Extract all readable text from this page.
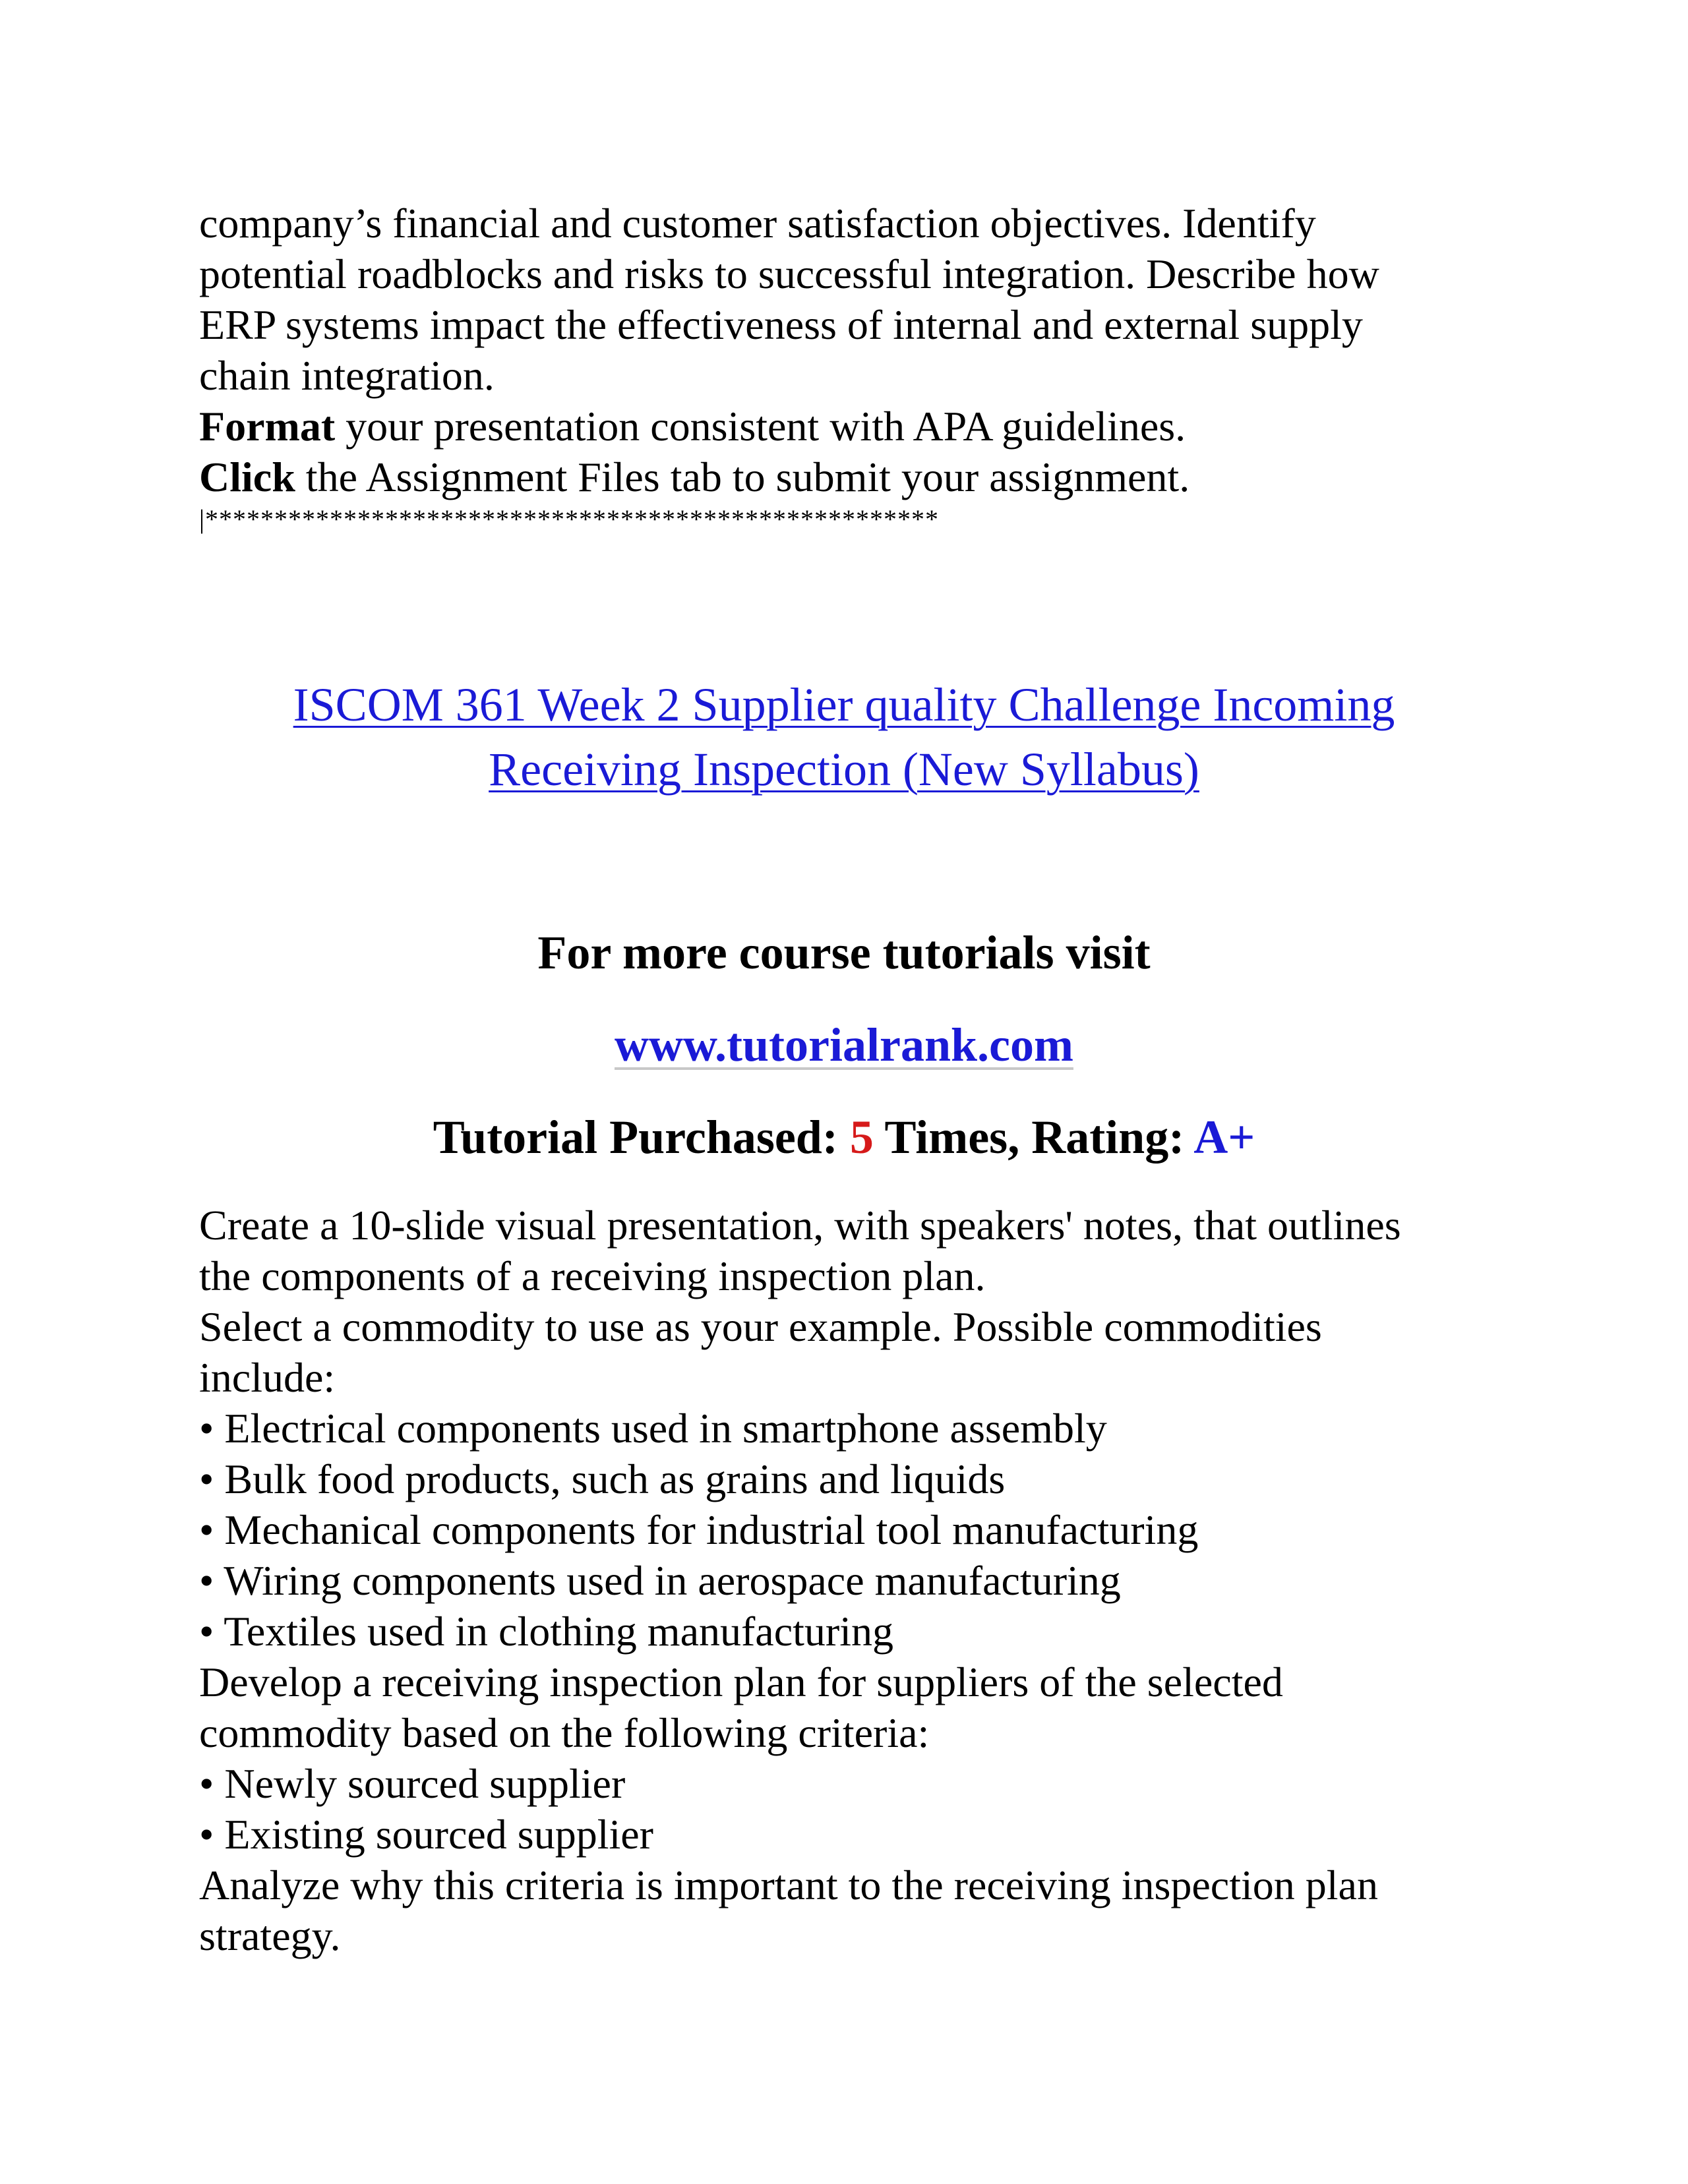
company’s financial and customer satisfaction objectives. Identify

potential roadblocks and risks to successful integration. Describe how

ERP systems impact the effectiveness of internal and external supply

chain integration.

Format your presentation consistent with APA guidelines.

Click the Assignment Files tab to submit your assignment.

|*****************************************************
ISCOM 361 Week 2 Supplier quality Challenge Incoming
Receiving Inspection (New Syllabus)
For more course tutorials visit
www.tutorialrank.com
Tutorial Purchased: 5 Times, Rating: A+

Create a 10-slide visual presentation, with speakers' notes, that outlines

the components of a receiving inspection plan.

Select a commodity to use as your example. Possible commodities

include:

• Electrical components used in smartphone assembly

• Bulk food products, such as grains and liquids

• Mechanical components for industrial tool manufacturing

• Wiring components used in aerospace manufacturing

• Textiles used in clothing manufacturing

Develop a receiving inspection plan for suppliers of the selected

commodity based on the following criteria:

• Newly sourced supplier

• Existing sourced supplier

Analyze why this criteria is important to the receiving inspection plan

strategy.
